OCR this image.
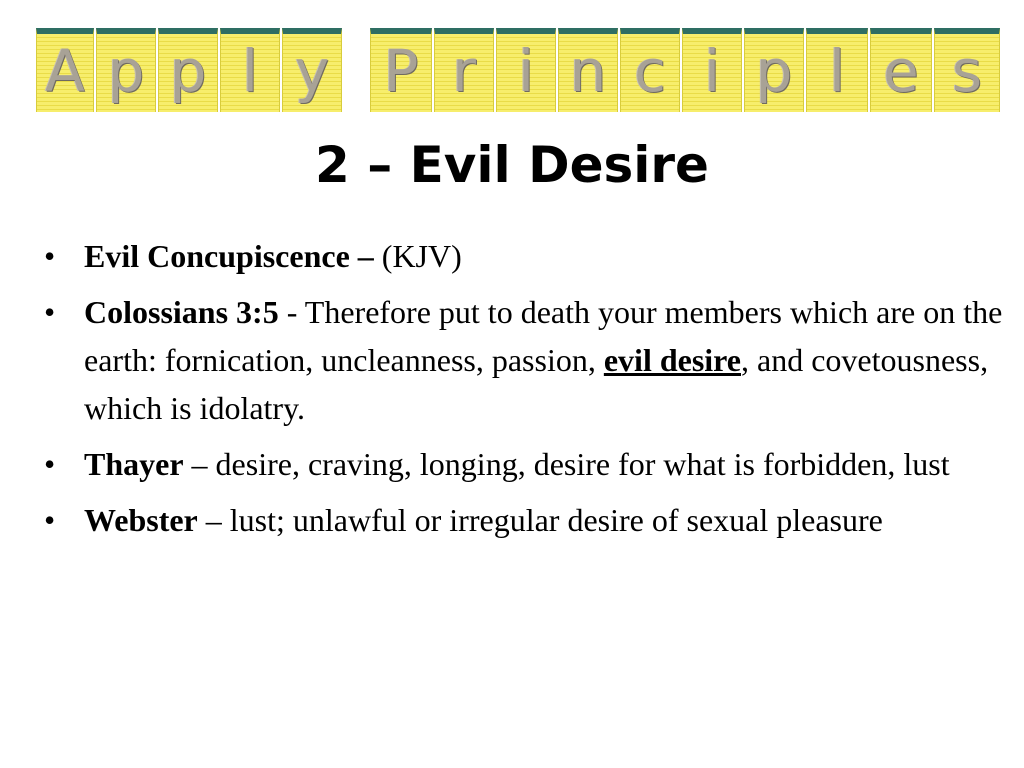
A p p l y P r i n c i p l e s
2 – Evil Desire
• Evil Concupiscence – (KJV)
• Colossians 3:5 - Therefore put to death your members which are on the earth: fornication, uncleanness, passion, evil desire, and covetousness, which is idolatry.
• Thayer – desire, craving, longing, desire for what is forbidden, lust
• Webster – lust; unlawful or irregular desire of sexual pleasure
